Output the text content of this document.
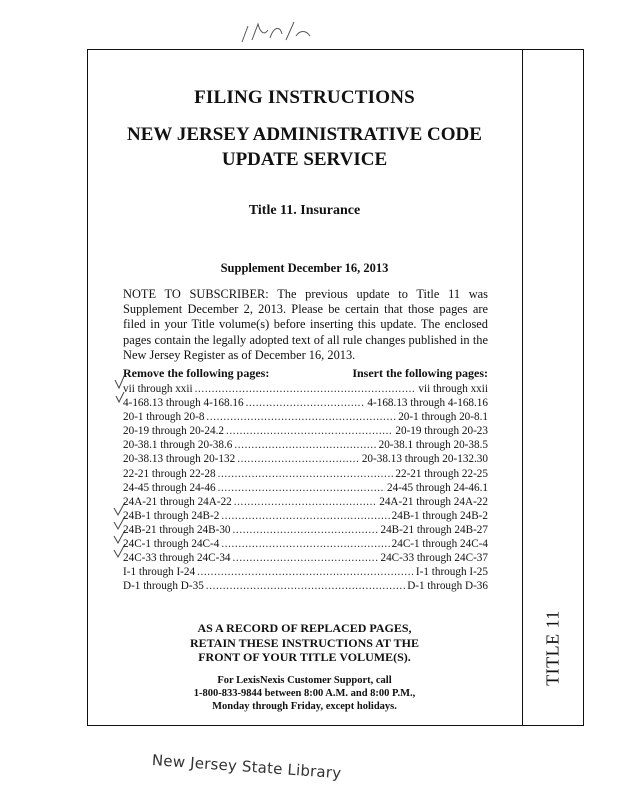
FILING INSTRUCTIONS
NEW JERSEY ADMINISTRATIVE CODE
UPDATE SERVICE
Title 11. Insurance
Supplement December 16, 2013

NOTE TO SUBSCRIBER: The previous update to Title 11 was Supplement December 2, 2013. Please be certain that those pages are filed in your Title volume(s) before inserting this update. The enclosed pages contain the legally adopted text of all rule changes published in the New Jersey Register as of December 16, 2013.

Remove the following pages:	Insert the following pages:
vii through xxii .....	vii through xxii
4-168.13 through 4-168.16 .....	4-168.13 through 4-168.16
20-1 through 20-8 .....	20-1 through 20-8.1
20-19 through 20-24.2 .....	20-19 through 20-23
20-38.1 through 20-38.6 .....	20-38.1 through 20-38.5
20-38.13 through 20-132 .....	20-38.13 through 20-132.30
22-21 through 22-28 .....	22-21 through 22-25
24-45 through 24-46 .....	24-45 through 24-46.1
24A-21 through 24A-22 .....	24A-21 through 24A-22
24B-1 through 24B-2 .....	24B-1 through 24B-2
24B-21 through 24B-30 .....	24B-21 through 24B-27
24C-1 through 24C-4 .....	24C-1 through 24C-4
24C-33 through 24C-34 .....	24C-33 through 24C-37
I-1 through I-24 .....	I-1 through I-25
D-1 through D-35 .....	D-1 through D-36
AS A RECORD OF REPLACED PAGES,
RETAIN THESE INSTRUCTIONS AT THE
FRONT OF YOUR TITLE VOLUME(S).
For LexisNexis Customer Support, call
1-800-833-9844 between 8:00 A.M. and 8:00 P.M.,
Monday through Friday, except holidays.
TITLE 11
New Jersey State Library
